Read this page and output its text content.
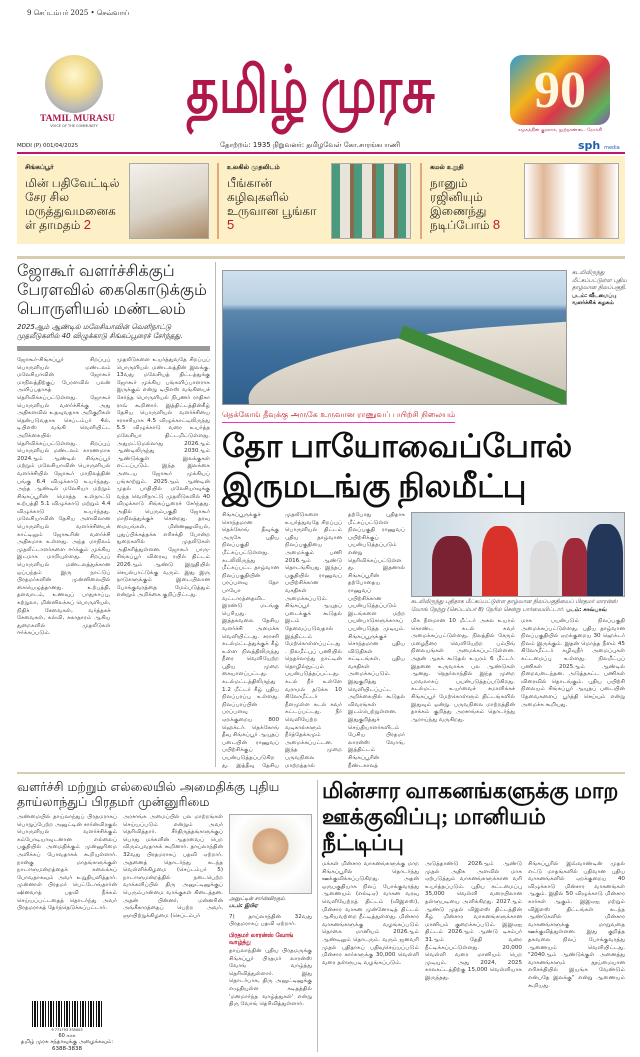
9 செப்டம்பர் 2025 • செவ்வாய்
TAMIL MURASU
VOICE OF THE COMMUNITY	தமிழ் முரசு	90
சமூகத்தின் குரலாக, நூற்றாண்டை நோக்கி
MDDI (P) 001/04/2025	தோற்றம்: 1935 நிறுவனர்: தமிழவேள் கோ.சாரங்கபாணி	sph media
சிங்கப்பூர்
மின் பதிவேட்டில் சேர சில மருத்துவமனைகள் தாமதம் 2
உலகில் முதலிடம்
பீங்கான் கழிவுகளில் உருவான பூங்கா 5
கமல் உறுதி
நானும் ரஜினியும் இணைந்து நடிப்போம் 8
ஜோகூர் வளர்ச்சிக்குப் பேரளவில் கைகொடுக்கும் பொருளியல் மண்டலம்
2025ஆம் ஆண்டில் மலேசியாவின் வெளிநாட்டு முதலீடுகளில் 40 விழுக்காடு சிங்கப்பூரைச் சேர்ந்தது.
ஜோகூர்-சிங்கப்பூர் சிறப்புப் பொருளியல் மண்டலம் மலேசியாவின் ஜோகூர் மாநிலத்திற்குப் பேரளவில் பலன் அளிப்பதாகத் தெரிவிக்கப்பட்டுள்ளது. ஜோகூர் பொருளியல் வளர்ச்சிக்கு அது அதிகளவில் உதவுவதாக அறிகுறிகள் தென்படுவதாக செப்டம்பர் 4ல், டிபிஎஸ் வங்கி வெளியிட்ட அறிக்கையில் தெரிவிக்கப்பட்டுள்ளது. சிறப்புப் பொருளியல் மண்டலம் காரணமாக 2024ஆம் ஆண்டில் சிங்கப்பூர் மற்றும் மலேசியாவின் பொருளியல் வளர்ச்சியில் ஜோகூர் மாநிலத்தின் பங்கு 6.4 விழுக்காடு உயர்ந்தது. அந்த ஆண்டில் மலேசியா மற்றும் சிங்கப்பூரின் மொத்த உள்நாட்டு உற்பத்தி 5.1 விழுக்காடு மற்றும் 4.4 விழுக்காடு உயர்ந்தது. மலேசியாவின் தேசிய அளவிலான பொருளியல் வளர்ச்சியைக் காட்டிலும் ஜோகூரின் வளர்ச்சி அதிகமாக உள்ளது. அந்த மாநிலம் முதலீட்டாளர்களை ஈர்க்கும் முக்கிய இடமாக மாறியுள்ளது. சிறப்புப் பொருளியல் மண்டலத்துக்கான ஒப்பந்தம் இரு நாட்டுப் பிரதமர்களின் முன்னிலையில் கையெழுத்தானது. உற்பத்தி, தளவாடம், உணவுப் பாதுகாப்பு, சுற்றுலா, மின்னிலக்கப் பொருளியல், நிதிச் சேவைகள், வர்த்தகச் சேவைகள், கல்வி, சுகாதாரம் ஆகிய துறைகளில் முதலீடுகள் ஈர்க்கப்படும்.
முதலீடுகளை உயர்த்துவதே சிறப்புப் பொருளியல் மண்டலத்தின் இலக்கு. 13வது மலேசியத் திட்டத்துக்கு ஜோகூர் முக்கிய பங்களிப்பாளராக இருக்கும் என்று டிபிஎஸ் வங்கியைச் சேர்ந்த பொருளியல் நிபுணர் ராதிகா ராவ் கூறினார். இத்திட்டத்தின்கீழ் தேசிய பொருளியல் வளர்ச்சியை சராசரியாக 4.5 விழுக்காட்டிலிருந்து 5.5 விழுக்காடு வரை உயர்த்த மலேசியா திட்டமிட்டுள்ளது. அதுமட்டுமல்லாது 2026ஆம் ஆண்டிலிருந்து 2030ஆம் ஆண்டுக்குள் இலக்குகள் எட்டப்படும். இந்த இலக்கை அடைய ஜோகூர் முக்கியப் பங்காற்றும். 2025ஆம் ஆண்டின் முதல் பாதியில் மலேசியாவுக்கு வந்த வெளிநாட்டு முதலீடுகளில் 40 விழுக்காடு சிங்கப்பூரைச் சேர்ந்தது. அதில் பெரும்பகுதி ஜோகூர் மாநிலத்துக்குச் சென்றது. தரவு மையங்கள், மின்னணுவியல், புதுப்பிக்கத்தக்க எரிசக்தி போன்ற துறைகளில் முதலீடுகள் அதிகரித்துள்ளன. ஜோகூர் பாரு-சிங்கப்பூர் விரைவு ரயில் திட்டம் 2026ஆம் ஆண்டு இறுதியில் செயல்பாட்டுக்கு வரும். இது இரு நாடுகளுக்கும் இடையிலான போக்குவரத்தை மேம்படுத்தும் என்றும் அறிக்கை குறிப்பிட்டது.
கடலிலிருந்து மீட்கப்பட்டுள்ள புதிய தாழ்வான நிலப்பகுதி.
படம்: வீடமைப்பு வளர்ச்சிக் கழகம்
தெக்கோங் தீவுக்கு அருகே உருவான ராணுவப் பயிற்சி நிலையம்
தோ பாயோவைப்போல் இருமடங்கு நிலமீட்பு
சிங்கப்பூருக்குச் சொந்தமான தெக்கோங் தீவுக்கு அருகே புதிய நிலப்பகுதி மீட்கப்பட்டுள்ளது. கடலிலிருந்து மீட்கப்பட்ட தாழ்வான நிலப்பகுதியின் பரப்பளவு தோ பாயோ வட்டாரத்தைவிட இரண்டு மடங்கு பெரியது. இத்தகவலை தேசிய வளர்ச்சி அமைச்சு வெளியிட்டது. சராசரி கடல்மட்டத்துக்குக் கீழ் உள்ள நிலத்திலிருந்து நீரை வெளியேற்ற புதிய முறை கையாளப்பட்டது. கடல்மட்டத்திலிருந்து 1.2 மீட்டர் கீழ் புதிய நிலப்பரப்பு உள்ளது. நிலப்பரப்பின் பரப்பளவு ஏறக்குறைய 800 ஹெக்டர். தெக்கோங் தீவு சிங்கப்பூர் ஆயுதப் படையின் ராணுவப் பயிற்சிக்குப் பயன்படுத்தப்படுகிறது. இத்தீவு தேசிய
முதலீடுகளை உயர்த்துவதே சிறப்புப் பொருளியல் திட்டம் புதிய தாழ்வான நிலப்பகுதியை அமைக்கும் பணி 2016ஆம் ஆண்டு தொடங்கியது. இந்தப் பகுதியில் ராணுவப் பயிற்சிக்கான வசதிகள் அமைக்கப்படும். சிங்கப்பூர் ஆயுதப் படைக்குக் கூடுதல் இடம் தேவைப்படுவதால் இத்திட்டம் மேற்கொள்ளப்பட்டது. நிலமீட்புப் பணியில் நெதர்லாந்து நாட்டின் தொழில்நுட்பம் பயன்படுத்தப்பட்டது. கடல் நீர் உள்ளே வராமல் தடுக்க 10 கிலோமீட்டர் நீளமுள்ள கடல் சுவர் கட்டப்பட்டது. நீர் வெளியேற்ற வடிகால்களும் நீர்த்தேக்கமும் அமைக்கப்பட்டன. இந்த முறை பருவநிலை மாற்றத்தால்
தற்போது புதிதாக மீட்கப்பட்டுள்ள நிலப்பகுதி ராணுவப் பயிற்சிக்குப் பயன்படுத்தப்படும் என்று தெரிவிக்கப்பட்டுள்ளது. இதனால் சிங்கப்பூரின் தற்போதைய ராணுவப் பயிற்சிக்கான பயன்படுத்தப்படும் இடங்களை மற்ற பயன்பாடுகளுக்காகப் பயன்படுத்த முடியும். சிங்கப்பூருக்குச் சொந்தமான புதிய விடுதிகள் கட்டிடங்கள், புதிய வசதிகள் அமைக்கப்படும். இதுகுறித்து வெளியிடப்பட்ட அறிக்கையில் கூடுதல் விவரங்கள் இடம்பெற்றுள்ளன. இதுகுறித்துச் செய்தியாளர்களிடம் பேசிய பிரதமர் லாரன்ஸ் வோங், இத்திட்டம் சிங்கப்பூரின் நீண்டகாலத்
கடலிலிருந்து புதிதாக மீட்கப்பட்டுள்ள தாழ்வான நிலப்பகுதியைப் பிரதமர் லாரன்ஸ் வோங் நேற்று (செப்டம்பர் 8) நேரில் சென்று பார்வையிட்டார். படம்: சாவ்பாவ்
மிக நீளமான 10 மீட்டர் அகல உயரம் கொண்ட கடல் சுவர் அமைக்கப்பட்டுள்ளது. நிலத்தில் சேரும் மழைநீரை வெளியேற்ற பம்பிங் நிலையங்கள் அமைக்கப்பட்டுள்ளன. அதன் ஆகக் கூடுதல் உயரம் 6 மீட்டர். இதனை உருவாக்க பல ஆண்டுகள் ஆனது. நெதர்லாந்தில் இந்த முறை பரவலாகப் பயன்படுத்தப்படுகிறது. கடல்மட்ட உயர்வைச் சமாளிக்கச் சிங்கப்பூர் மேற்கொள்ளும் திட்டங்களில் இதுவும் ஒன்று. பருவநிலை மாற்றத்தின் தாக்கம் குறித்து அரசாங்கம் தொடர்ந்து ஆராய்ந்து வருகிறது.
மாக பயன்படும் நிலப்பகுதி அமைக்கப்பட்டுள்ளது. புதிய தாழ்வான நிலப்பகுதியில் ஏறக்குறைய 30 ஹெக்டர் நிலம் இருக்கும். இதன் மொத்த நீளம் 45 கிலோமீட்டர் கழிவுநீர் அமைப்புகள் கட்டமைப்பு உள்ளது. நிலமீட்புப் பணிகள் 2025ஆம் ஆண்டில் நிறைவடைந்தன. அடுத்தகட்ட பணிகள் விரைவில் தொடங்கும். புதிய பயிற்சி நிலையம் சிங்கப்பூர் ஆயுதப் படையின் தேவைகளைப் பூர்த்தி செய்யும் என்று அமைச்சு கூறியது.
வளர்ச்சி மற்றும் எல்லையில் அமைதிக்கு புதிய தாய்லாந்துப் பிரதமர் முன்னுரிமை
அண்மையில் தாய்லாந்துப் பிரதமராகப் பொறுப்பேற்ற அனுட்டின் சார்ன்விரகுல் பொருளியல் வளர்ச்சிக்கும் கம்போடியாவுடனான எல்லைப் பகுதியில் அமைதிக்கும் முன்னுரிமை அளிக்கப் போவதாகக் கூறியுள்ளார். நான்கு மாதங்களுக்குள் நாடாளுமன்றத்தைக் கலைக்கப் போவதாகவும் அவர் உறுதியளித்தார். முன்னாள் பிரதமர் பெட்டோங்தார்ன் ஷினவாத் பதவி நீக்கம் செய்யப்பட்டதைத் தொடர்ந்து அவர் பிரதமராகத் தேர்ந்தெடுக்கப்பட்டார்.
9 771793 335003
60 காசு
தமிழ் முரசு சந்தாவுக்கு அழைக்கவும்: 6388-3838
அரசாங்க அமைப்பில் பல மாற்றங்கள் செய்யப்படும் என்றும் அவர் தெரிவித்தார். சீர்திருத்தங்களுக்குப் பொது மக்களின் ஆதரவைப் பெற விரும்புவதாகக் கூறினார். தாய்லாந்தின் 32வது பிரதமராகப் பதவி ஏற்றார். அதனைத் தொடர்ந்து கடந்த வெள்ளிக்கிழமை (செப்டம்பர் 5) நாடாளுமன்றத்தில் நடைபெற்ற வாக்களிப்பில் திரு அனுட்டினுக்குப் பெரும்பான்மை வாக்குகள் கிடைத்தன. அதன் பின்னர், மன்னரின் அங்கீகாரத்தைப் பெற்ற அவர், ஞாயிற்றுக்கிழமை (செப்டம்பர்
அனுட்டின் சார்ன்விரகுல்.
படம்: இபிஏ
7) தாய்லாந்தின் 32வது பிரதமராகப் பதவி ஏற்றார்.
பிரதமர் லாரன்ஸ் வோங் வாழ்த்து
தாய்லாந்தின் புதிய பிரதமருக்கு சிங்கப்பூர் பிரதமர் லாரன்ஸ் வோங் வாழ்த்து தெரிவித்துள்ளார். இது தொடர்பாக, திரு அனுட்டினுக்கு எழுதியுள்ள கடிதத்தில் 'மனமார்ந்த வாழ்த்துகள்' என்று திரு வோங் தெரிவித்துள்ளார்.
மின்சார வாகனங்களுக்கு மாற ஊக்குவிப்பு; மானியம் நீட்டிப்பு
மக்கள் மின்சார வாகனங்களுக்கு மாற சிங்கப்பூரில் தொடர்ந்து ஊக்குவிக்கப்படுகிறது. அதன் ஒருபகுதியாக நிலப் போக்குவரத்து ஆணையம் (எல்டிஏ) வாகன வரவு வெளியேற்றத் திட்டம் (விஇஎஸ்), மின்சார வாகன முன்னோடித் திட்டம் ஆகியவற்றை நீட்டித்துள்ளது. மின்சார வாகனங்களுக்கு வழங்கப்படும் தொகை மானியம் 2026ஆம் ஆண்டிலும் தொடரும். வரும் ஜனவரி முதல் புதிதாகப் பதிவுசெய்யப்படும் மின்சார கார்களுக்கு 30,000 வெள்ளி வரை தள்ளுபடி வழங்கப்படும்.
அடுத்தாண்டு 2026ஆம் ஆண்டு முதல் அதிக அளவில் மாசு ஏற்படுத்தும் வாகனங்களுக்கான வரி உயர்த்தப்படும். புதிய கட்டமைப்பு 35,000 வெள்ளி வரையிலான தள்ளுபடியை அளிக்கிறது. 2027ஆம் ஆண்டு முதல் விஇஎஸ் திட்டத்தின் கீழ் மின்சார வாகனங்களுக்கான மானியம் குறைக்கப்படும். இஇஏஐ திட்டம் 2026ஆம் ஆண்டு டிசம்பர் 31ஆம் தேதி வரை நீட்டிக்கப்பட்டுள்ளது. 20,000 வெள்ளி வரை மானியம் பெற முடியும். அது 2024, 2025 காலகட்டத்திற்கு 15,000 வெள்ளியாக இருந்தது.
சிங்கப்பூரில் இவ்வாண்டின் முதல் எட்டு மாதங்களில் பதிவான புதிய வாகனங்களில் ஏறக்குறைய 40 விழுக்காடு மின்சார வாகனங்கள் ஆகும். இதில் 50 விழுக்காடு மின்சார கார்கள் ஆகும். இஇஏஐ மற்றும் விஇஎஸ் திட்டங்கள் கடந்த ஆண்டுகளில் மின்சார வாகனங்களுக்கு மாறுவதை ஊக்குவித்துள்ளன. இது குறித்த தகவலை நிலப் போக்குவரத்து ஆணையம் வெளியிட்டது. "2040ஆம் ஆண்டுக்குள் அனைத்து வாகனங்களும் தூய்மையான எரிசக்தியில் இயங்க வேண்டும் என்பதே இலக்கு" என்று ஆணையம் கூறியது.
